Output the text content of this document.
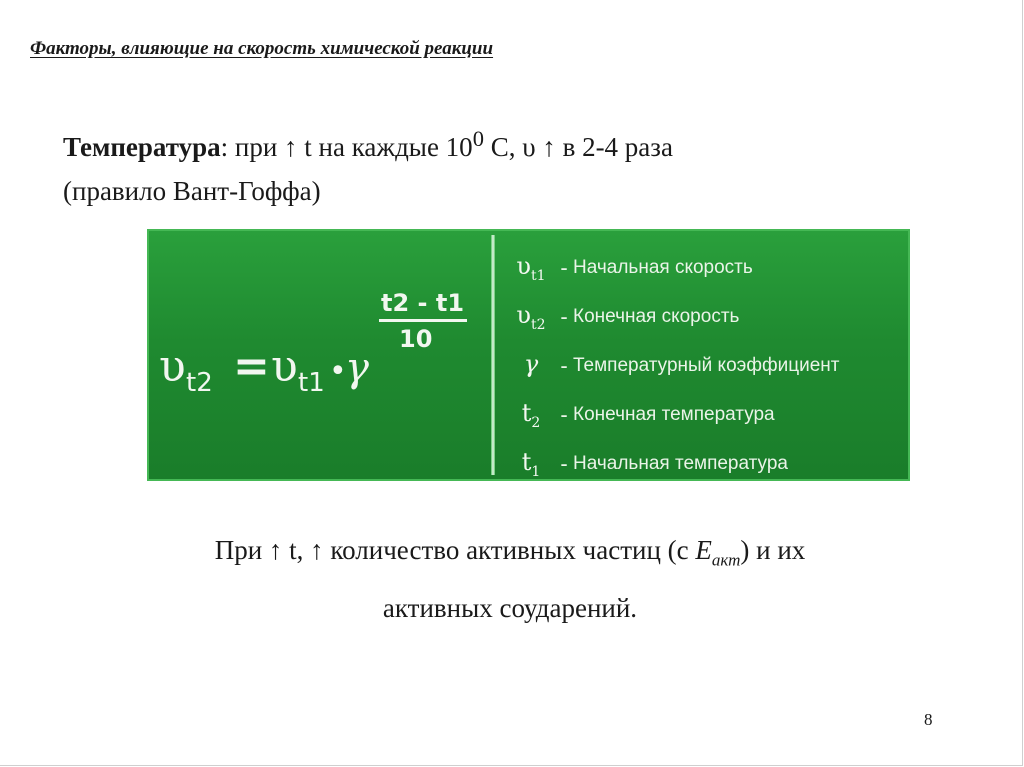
Факторы, влияющие на скорость химической реакции
Температура: при ↑ t на каждые $10^0$ С, υ ↑ в 2-4 раза
(правило Вант-Гоффа)
υ t2 = υ t1 •
γ
t2 - t1
10
$\upsilon_{t1}$ - Начальная скорость
$\upsilon_{t2}$ - Конечная скорость
γ	- Температурный коэффициент
$t_2$ - Конечная температура
$t_1$ - Начальная температура
При ↑ t, ↑ количество активных частиц (с $E_{акт}$) и их
активных соударений.
8
